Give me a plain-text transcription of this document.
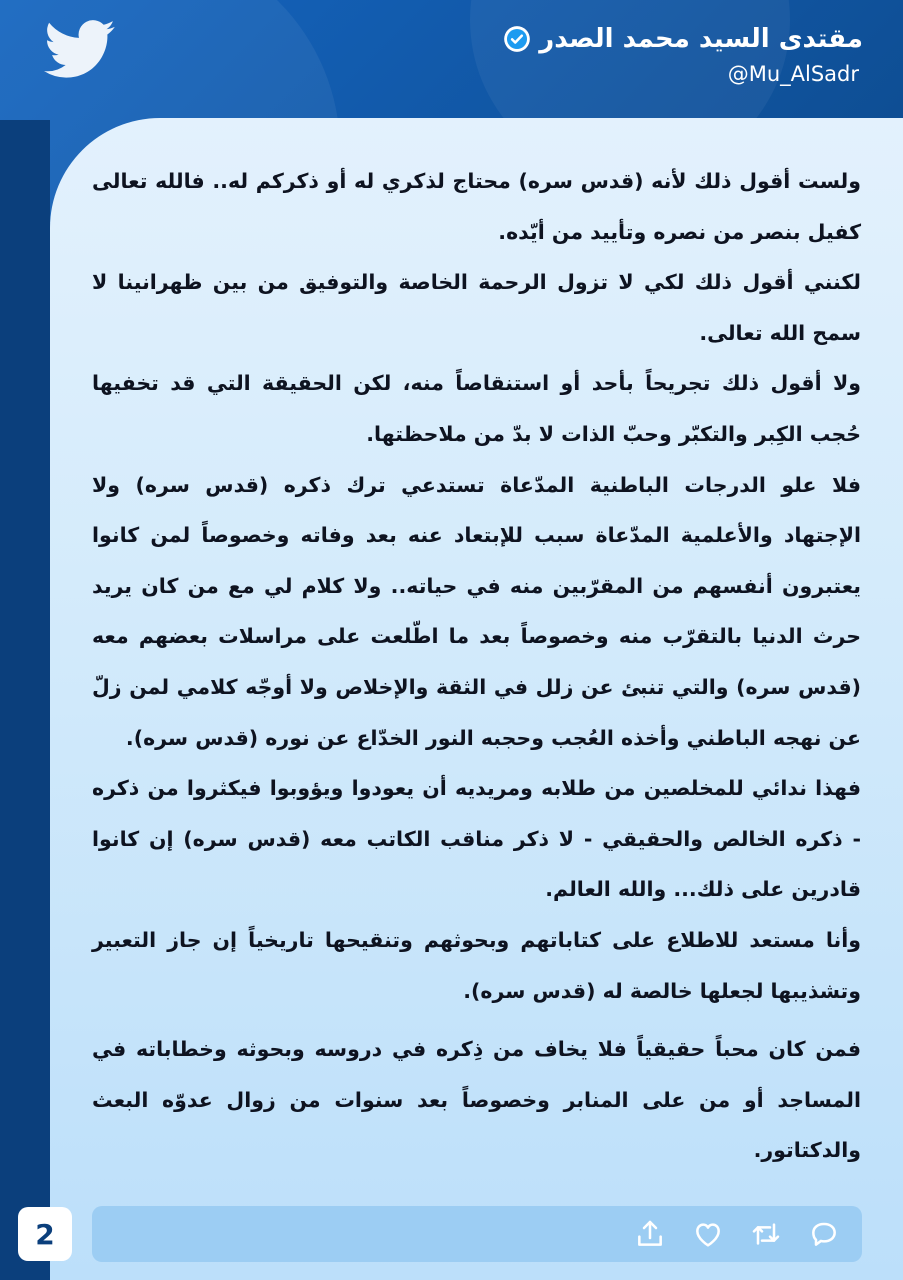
مقتدى السيد محمد الصدر
@Mu_AlSadr

ولست أقول ذلك لأنه (قدس سره) محتاج لذكري له أو ذكركم له.. فالله تعالى كفيل بنصر من نصره وتأييد من أيّده.

لكنني أقول ذلك لكي لا تزول الرحمة الخاصة والتوفيق من بين ظهرانينا لا سمح الله تعالى.

ولا أقول ذلك تجريحاً بأحد أو استنقاصاً منه، لكن الحقيقة التي قد تخفيها حُجب الكِبر والتكبّر وحبّ الذات لا بدّ من ملاحظتها.

فلا علو الدرجات الباطنية المدّعاة تستدعي ترك ذكره (قدس سره) ولا الإجتهاد والأعلمية المدّعاة سبب للإبتعاد عنه بعد وفاته وخصوصاً لمن كانوا يعتبرون أنفسهم من المقرّبين منه في حياته.. ولا كلام لي مع من كان يريد حرث الدنيا بالتقرّب منه وخصوصاً بعد ما اطّلعت على مراسلات بعضهم معه (قدس سره) والتي تنبئ عن زلل في الثقة والإخلاص ولا أوجّه كلامي لمن زلّ عن نهجه الباطني وأخذه العُجب وحجبه النور الخدّاع عن نوره (قدس سره).

فهذا ندائي للمخلصين من طلابه ومريديه أن يعودوا ويؤوبوا فيكثروا من ذكره - ذكره الخالص والحقيقي - لا ذكر مناقب الكاتب معه (قدس سره) إن كانوا قادرين على ذلك... والله العالم.

وأنا مستعد للاطلاع على كتاباتهم وبحوثهم وتنقيحها تاريخياً إن جاز التعبير وتشذيبها لجعلها خالصة له (قدس سره).

فمن كان محباً حقيقياً فلا يخاف من ذِكره في دروسه وبحوثه وخطاباته في المساجد أو من على المنابر وخصوصاً بعد سنوات من زوال عدوّه البعث والدكتاتور.

2
